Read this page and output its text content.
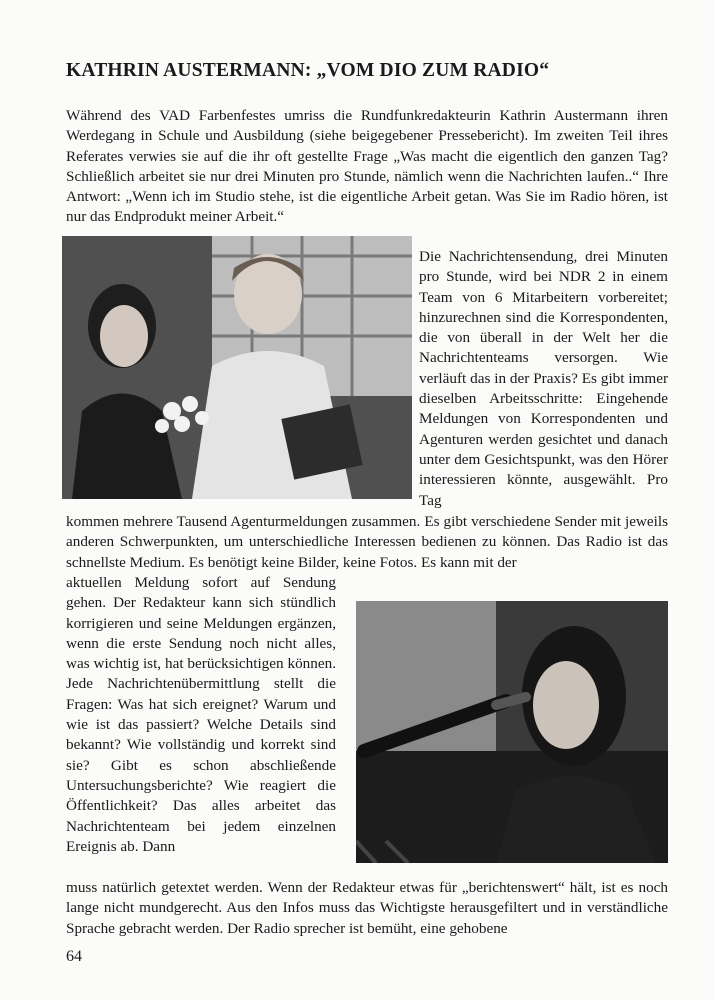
KATHRIN AUSTERMANN: „VOM DIO ZUM RADIO“

Während des VAD Farbenfestes umriss die Rundfunkredakteurin Kathrin Austermann ihren Werdegang in Schule und Ausbildung (siehe beigegebener Pressebericht). Im zweiten Teil ihres Referates verwies sie auf die ihr oft gestellte Frage „Was macht die eigentlich den ganzen Tag? Schließlich arbeitet sie nur drei Minuten pro Stunde, nämlich wenn die Nachrichten laufen..“ Ihre Antwort: „Wenn ich im Studio stehe, ist die eigentliche Arbeit getan. Was Sie im Radio hören, ist nur das Endprodukt meiner Arbeit.“

Die Nachrichtensendung, drei Minuten pro Stunde, wird bei NDR 2 in einem Team von 6 Mitarbeitern vorbereitet; hinzurechnen sind die Korrespondenten, die von überall in der Welt her die Nachrichtenteams versorgen. Wie verläuft das in der Praxis? Es gibt immer dieselben Arbeitsschritte: Eingehende Meldungen von Korrespondenten und Agenturen werden gesichtet und danach unter dem Gesichtspunkt, was den Hörer interessieren könnte, ausgewählt. Pro Tag

kommen mehrere Tausend Agenturmeldungen zusammen. Es gibt verschiedene Sender mit jeweils anderen Schwerpunkten, um unterschiedliche Interessen bedienen zu können. Das Radio ist das schnellste Medium. Es benötigt keine Bilder, keine Fotos. Es kann mit der

aktuellen Meldung sofort auf Sendung gehen. Der Redakteur kann sich stündlich korrigieren und seine Meldungen ergänzen, wenn die erste Sendung noch nicht alles, was wichtig ist, hat berücksichtigen können. Jede Nachrichtenübermittlung stellt die Fragen: Was hat sich ereignet? Warum und wie ist das passiert? Welche Details sind bekannt? Wie vollständig und korrekt sind sie? Gibt es schon abschließende Untersuchungsberichte? Wie reagiert die Öffentlichkeit? Das alles arbeitet das Nachrichtenteam bei jedem einzelnen Ereignis ab. Dann

muss natürlich getextet werden. Wenn der Redakteur etwas für „berichtenswert“ hält, ist es noch lange nicht mundgerecht. Aus den Infos muss das Wichtigste herausgefiltert und in verständliche Sprache gebracht werden. Der Radio sprecher ist bemüht, eine gehobene

64
